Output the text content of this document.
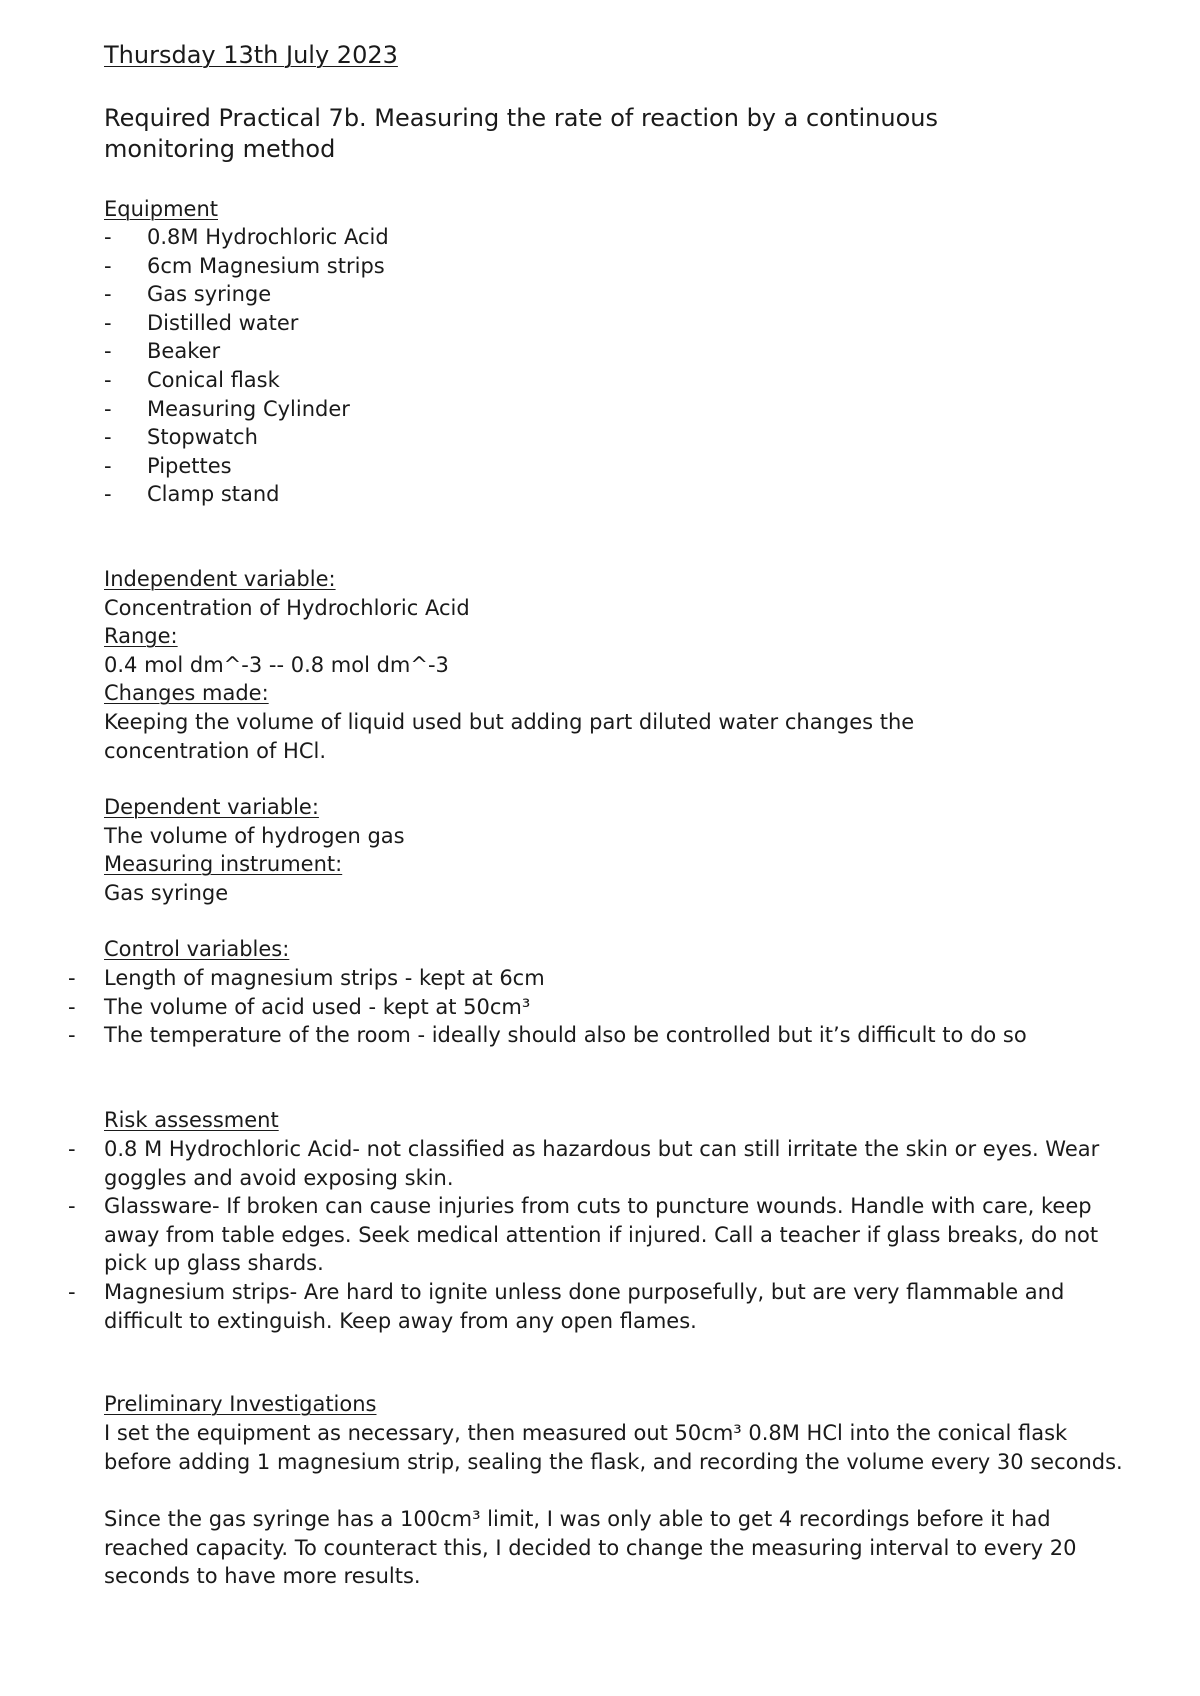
Thursday 13th July 2023
Required Practical 7b. Measuring the rate of reaction by a continuous monitoring method
Equipment
- 0.8M Hydrochloric Acid
- 6cm Magnesium strips
- Gas syringe
- Distilled water
- Beaker
- Conical flask
- Measuring Cylinder
- Stopwatch
- Pipettes
- Clamp stand
Independent variable:
Concentration of Hydrochloric Acid
Range:
0.4 mol dm^-3 -- 0.8 mol dm^-3
Changes made:
Keeping the volume of liquid used but adding part diluted water changes the concentration of HCl.
Dependent variable:
The volume of hydrogen gas
Measuring instrument:
Gas syringe
Control variables:
- Length of magnesium strips - kept at 6cm
- The volume of acid used - kept at 50cm³
- The temperature of the room - ideally should also be controlled but it’s difficult to do so
Risk assessment
- 0.8 M Hydrochloric Acid- not classified as hazardous but can still irritate the skin or eyes. Wear goggles and avoid exposing skin.
- Glassware- If broken can cause injuries from cuts to puncture wounds. Handle with care, keep away from table edges. Seek medical attention if injured. Call a teacher if glass breaks, do not pick up glass shards.
- Magnesium strips- Are hard to ignite unless done purposefully, but are very flammable and difficult to extinguish. Keep away from any open flames.
Preliminary Investigations

I set the equipment as necessary, then measured out 50cm³ 0.8M HCl into the conical flask before adding 1 magnesium strip, sealing the flask, and recording the volume every 30 seconds.

Since the gas syringe has a 100cm³ limit, I was only able to get 4 recordings before it had reached capacity. To counteract this, I decided to change the measuring interval to every 20 seconds to have more results.
